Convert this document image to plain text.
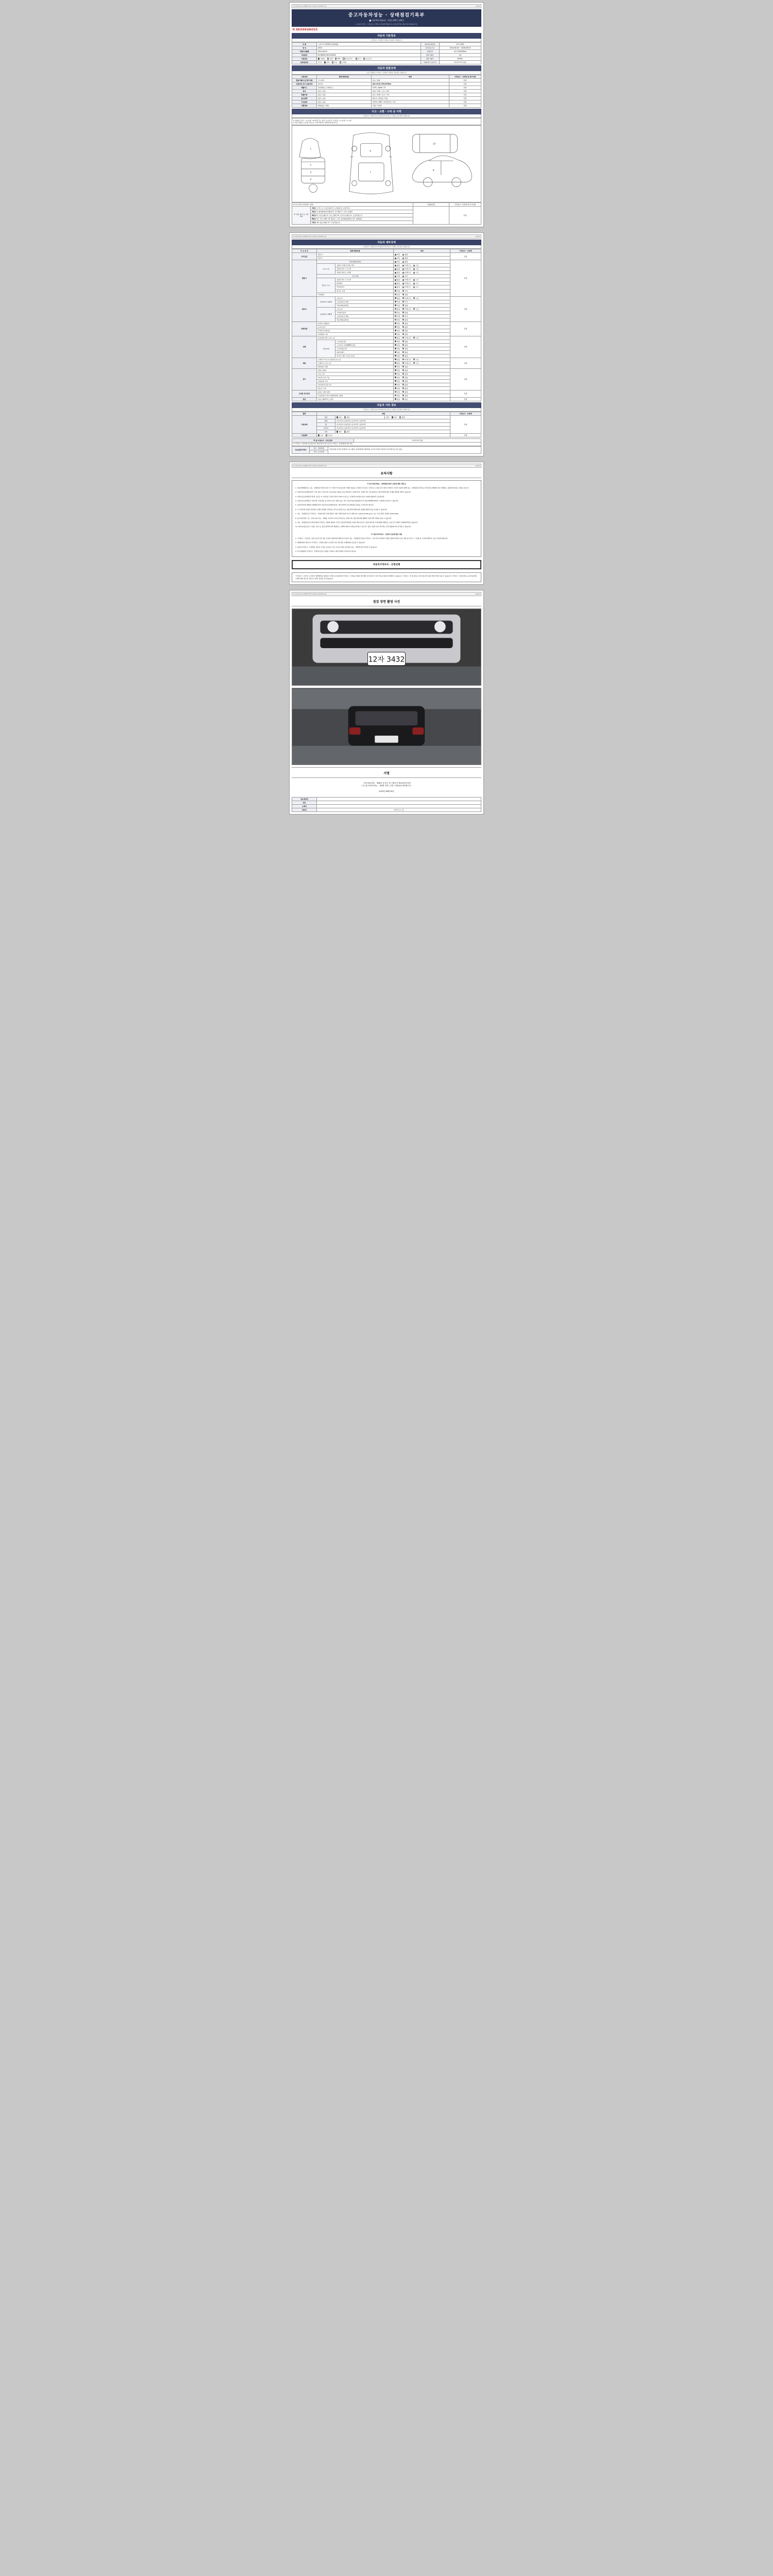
중고자동차성능·상태점검기록부 표준양식 (제 3편의 1호)	(1/4쪽)
중고자동차성능 · 상태점검기록부
■ 자동차가격조사 · 산정 선택 ( 선택 )
※ 자동차가격조사 · 산정 제도가 선택되는 경우에만 해당됩니다 (자동차관리법 시행규칙 별지 제82호서식)
제 38256918433호
자동차 기본정보
(가격조사 · 산정액이 기재되는 경우에만 기재합니다)
차 명	스파크 1.0 DOHC (4세대형)	자동차등록번호	12자 3432
연 식	2014	검사유효기간	2024-08-04 ~ 2026-08-03
주행거리현황	2014-06-19	주행거리	계기 203,629km
차대번호	KL1MR4413DC554042	변속기종류	자동
사용연료	가솔린 디젤 LPG 하이브리드 전기 수소전기	원동기형식	B10D1
등록번호판	색 상 단색 투톤 쓰리톤	주행거리 기준가격	0 0 0 0 0 0 만원
자동차 종합상태
(주요 주행물품, 가격조사 · 산정액이 기재되는 경우에만 기재합니다)
사용상태	항목/해당부품	상태	가격조사 · 산정액 및 특기사항
원동기형식 및 특기사항	주요장치	양호 / 불량	만원
자동차의 초기 등록여부	배기량	현재 계기판 203,629km	만원
배출가스	일산화탄소 / 탄화수소	0.5% / 1ppm / %	만원
튜닝	없음 / 있음	불법 / 적법 / 구조 / 장치	만원
특별이력	없음 / 있음	침수 / 화재 / 도난 / 기타	만원
용도변경	없음 / 있음	렌트카 / 영업용 / 관용	만원
주요옵션	없음 / 있음	에어백 / ABS / 내비게이션 / 기타	만원
리콜대상	해당없음 / 해당	이행 / 미이행	만원
사고 · 교환 · 수리 등 이력
(가격조사 · 산정액 및 특기사항에 부식의 정도가 기재되는 경우에만 기재합니다)
※ 상태표시 부호 : ( X )교환, ( W )판금 또는 용접, ( C )부식, ( A )흠집, ( U )요철, ( T )손상
※ 하단 상태표시 표기법 기준으로, 기재 자동차는 상태에 체크를 하시오
1
2
3
4
6
7
10
8
※ 사고이력 (교차/접수 포함)		단위(판넬)	가격조사 · 산정액 및 특기사항
※ 교환, 판금 등 이상 부위	1랭크 1. 후드 2. 프론트팬더 3. 도어(앞) 4. 트렁크리드		만원
	2랭크 5. 쿼터패널(리어펜더) 6. 루프패널 7. 사이드실패널		
	A랭크 8. 프론트패널 9. 크로스멤버 10. 인사이드패널 11. 트렁크플로어		
	B랭크 12. 사이드멤버 13. 휠하우스 14. 필러패널(A,B,C) 15. 대쉬패널		
	C랭크 16. 플로어패널 17. 트렁크플로어		
중고자동차성능·상태점검기록부 표준양식 (제 3편의 1호)	(2/4쪽)
자동차 세부상태
(가격조사 · 산정액 및 특기사항에 부식의 정도가 기재되는 경우에만 기재합니다)
주 요 장 치	항목/해당부품		상태	가격조사 · 산정액
자기진단	원동기		양호 불량	만원
	변속기		양호 불량	
원동기	작동상태(공회전)		양호 불량	만원
	오일 누유	실린더 커버(로커암) 커버	없음 미세누유 누유	
		실린더 헤드 / 가스켓	없음 미세누유 누유	
		실린더 블록 / 오일팬	없음 미세누유 누유	
	오일 유량		적정 부족	
	냉각수 누수	실린더 헤드 / 가스켓	없음 미세누수 누수	
		워터펌프	없음 미세누수 누수	
		라디에이터	없음 미세누수 누수	
		냉각수 수량	적정 부족	
	커먼레일		양호 불량	
변속기	자동변속기 (A/T)	오일누유	없음 미세누유 누유	만원
		오일유량 및 상태	적정 부족	
		작동상태(공회전)	양호 불량	
	수동변속기 (M/T)	오일누유	없음 미세누유 누유	
		기어변속장치	양호 불량	
		오일유량 및 상태	적정 부족	
		작동상태(공회전)	양호 불량	
동력전달	클러치 어셈블리		양호 불량	만원
	등속조인트		양호 불량	
	추진축 및 베어링		양호 불량	
	디퍼렌셜 기어		양호 불량	
조향	동력조향 작동 오일 누유		없음 미세누유 누유	만원
	작동상태	스티어링 펌프	양호 불량	
		스티어링 기어(MDPS포함)	양호 불량	
		스티어링조인트	양호 불량	
		파워크랭크	양호 불량	
		타이로드엔드 및 볼 조인트	양호 불량	
제동	브레이크 마스터 실린더오일 누유		없음 미세누유 누유	만원
	브레이크 오일 누유		없음 미세누유 누유	
	배력장치 상태		양호 불량	
전기	발전기 출력		양호 불량	만원
	시동 모터		양호 불량	
	와이퍼 모터 기능		양호 불량	
	실내송풍 모터		양호 불량	
	라디에이터 팬 모터		양호 불량	
	윈도우 모터		양호 불량	
고전원 전기장치	충전구 절연 상태		양호 불량	만원
	구동축전지 격리 상태(비절연, 절연)		양호 불량	
연료	연료누출(LP가스포함)		없음 있음	만원
자동차 기타 정보
(가격조사 · 산정액 및 특기사항에 부식의 정도가 기재되는 경우에만 기재합니다)
항목	상태			가격조사 · 산정액
사용상태	외장	양호 불량	내장 양호 불량	만원
	광택	운전석전 / 동반석전 / 운전석후 / 동반석후		
	휠	운전석전 / 동반석전 / 운전석후 / 동반석후		
	타이어	운전석전 / 동반석전 / 운전석후 / 동반석후		
	유리	양호 불량		
기본품목	보유 미보유			만원
※ 총 가격조사 · 산정 금액	0 0 0 0 0 만원
※ 가격조사 · 산정자에 성능점검자가 책임지지아니한 보증 및 가격조사 · 산정내용에 따른 책임
성능점검자 확인	검사 · 상태점검	비급여비용(주차장 및 활용비 기능 계통은 검검대상에서 제외되며, 중고차 특성상 부분적인 하자 발생 가능성이 있음)
가격 · 조사산정
중고자동차성능·상태점검기록부 표준양식 (제 3편의 1호)	(3/4쪽)
유의사항

※ 중고자동차성능 · 상태점검기록부 보증에 관한 사항 등

1. 자동차매매업자는 성능 · 상태점검기록부(이하 "이 기록부"라 합니다)에 기재된 내용을 고지하지 아니하고 거짓으로 고지될 경우 매수인 에게 이 기록부 내용에 대해 성능 · 상태점검기록부를 교부할 때 손해배상 의무 발생하는 내용에 대하여는 책임을 집니다.

2. 자동차성능상태점검자가 거짓 점검 고지하거나 성능점검을 내용을 잘못 점검하여 사실과 달리 기재한 경우 성능점검자는 매수인에게 생긴 손해를 배상할 책임이 있습니다.

3. 자동차성능상태점검기록부 보증은 이 기록부를 교부한 날부터 30일 이내 또는 주행거리 2천킬로미터 이내의 범위에서 보증합니다.

4. 자동차성능상태점검 기록부의 기재 내용 중 사실과 다른 사항이 있는 경우 자동차성능상태점검자 및 자동차매매업자에게 그 배상을 청구할 수 있습니다.

5. 자동차관리법 제58조 제4항에 따라 자동차성능상태점검자는 매수인에게 성능상태점검 내용을 고지하여야 합니다.

6. 이 기록부의 내용과 관련하여 분쟁이 발생한 경우에는 한국소비자원 또는 자동차관리법에 따른 분쟁조정절차 등을 이용할 수 있습니다.

7. 성능 · 상태점검 및 가격조사 · 산정에 관한 민원 발생시 아래 기관에 문의 하시기 바랍니다. (www.car365.go.kr 또는 국토교통부 콜센터 1599-0001)

8. 중고자동차의 구조 · 장치 등의 성능 · 상태를 고지하지 아니한 경우(또는 허위고지) 자동차관리법 제80조 등에 따라 처벌을 받을 수 있습니다.

9. 성능 · 상태점검자가 매수인에게 부담하는 책임의 범위와 기간은 자동차관리법에 규정된 바에 따르며, 점검기록부의 기재사항에 대해서는 보증기간 내에서 손해배상책임이 있습니다.

10. 매수인(매도인)은 시설을 기준으로 점검 결과에 따라 발생하는 손해에 대하여 이의를 제기할 수 있으며, 점검 사실과 다른 경우에는 관련 법령에 따라 조치할 수 있습니다.

※ 자동차가격조사 · 산정의 보증에 관한 사항

1. 가격조사 · 산정자는 이에 보증기간은 매도 및 매수 합의하에 매매 중고자동차 성능 · 상태점검기록부(가격조사 · 산정 부분 한정)에 기재된 내용에 대하여 보증 책임 있으며 단, 그 범위 및 기간에 대해서는 상호 약정에 따릅니다.

2. 매매업자의 매수인이 가격조사 · 산정의 내용이 사실과 다른 경우에는 손해배상을 청구할 수 있습니다.

3. 자동차가격조사 · 산정액은 자동차 가격을 보증하는 것이 아니며, 해당 자동차의 성능 · 상태에 따라 달라질 수 있습니다.

4. 특기사항란에 가격조사 · 산정에 필요한 사항을 기재하고 매수인에게 고지하여야 합니다.

자동차가격조사 · 산정선택
"가격조사 · 산정"은 소비자가 매매계약을 체결하기 전에 중고자동차의 가격조사 · 산정을 신청할 경우에만 실시하며 이 경우 별도의 비용이 발생할 수 있습니다. 가격조사 · 산정 결과는 참고자료이며 실제 거래가격과 다를 수 있습니다. 가격조사 · 산정 결과는 중고자동차의 구매에 대한 참고용 자료로서 법적 효력을 갖지 않습니다.
중고자동차성능·상태점검기록부 표준양식 (제 3편의 1호)	(4/4쪽)
점검 장면 촬영 사진
12자 3432
서명
「자동차관리법」 제58조 및 같은 법 시행규칙 제120조에 따라
( 중 )중고자동차성능 · 상태를 점검 ( 산정 ) 하였음을 확인합니다.
2025년 08월 04일
성능점검자	
상호	
소재지	
대표자	(서명 또는 인)
